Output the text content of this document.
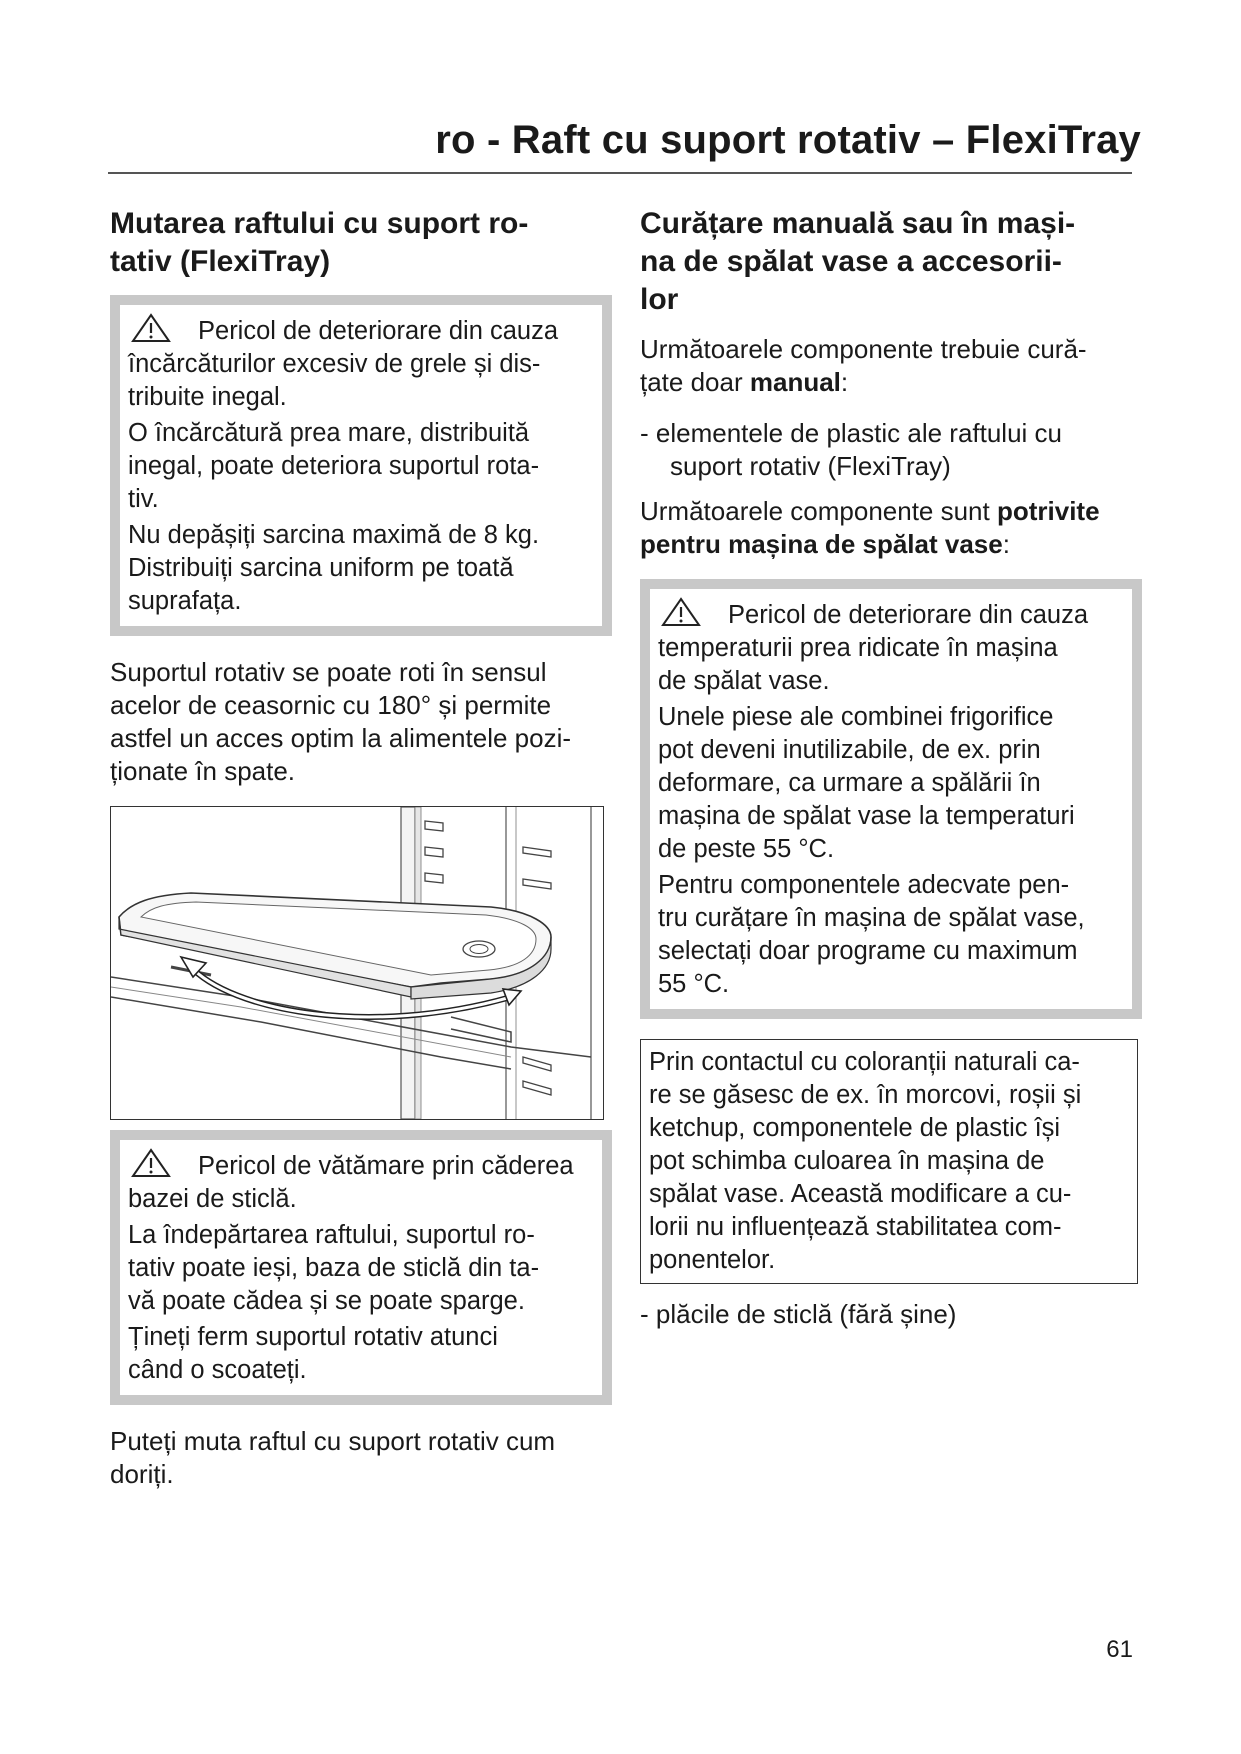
ro - Raft cu suport rotativ – FlexiTray
Mutarea raftului cu suport ro-
tativ (FlexiTray)

Pericol de deteriorare din cauza

încărcăturilor excesiv de grele și dis-

tribuite inegal.

O încărcătură prea mare, distribuită

inegal, poate deteriora suportul rota-

tiv.

Nu depășiți sarcina maximă de 8 kg.

Distribuiți sarcina uniform pe toată

suprafața.

Suportul rotativ se poate roti în sensul

acelor de ceasornic cu 180° și permite

astfel un acces optim la alimentele pozi-

ționate în spate.

Pericol de vătămare prin căderea

bazei de sticlă.

La îndepărtarea raftului, suportul ro-

tativ poate ieși, baza de sticlă din ta-

vă poate cădea și se poate sparge.

Țineți ferm suportul rotativ atunci

când o scoateți.

Puteți muta raftul cu suport rotativ cum

doriți.

Curățare manuală sau în mași-
na de spălat vase a accesorii-
lor

Următoarele componente trebuie cură-

țate doar manual:

- elementele de plastic ale raftului cu
suport rotativ (FlexiTray)

Următoarele componente sunt potrivite

pentru mașina de spălat vase:

Pericol de deteriorare din cauza

temperaturii prea ridicate în mașina

de spălat vase.

Unele piese ale combinei frigorifice

pot deveni inutilizabile, de ex. prin

deformare, ca urmare a spălării în

mașina de spălat vase la temperaturi

de peste 55 °C.

Pentru componentele adecvate pen-

tru curățare în mașina de spălat vase,

selectați doar programe cu maximum

55 °C.

Prin contactul cu coloranții naturali ca-

re se găsesc de ex. în morcovi, roșii și

ketchup, componentele de plastic își

pot schimba culoarea în mașina de

spălat vase. Această modificare a cu-

lorii nu influențează stabilitatea com-

ponentelor.

- plăcile de sticlă (fără șine)
61
